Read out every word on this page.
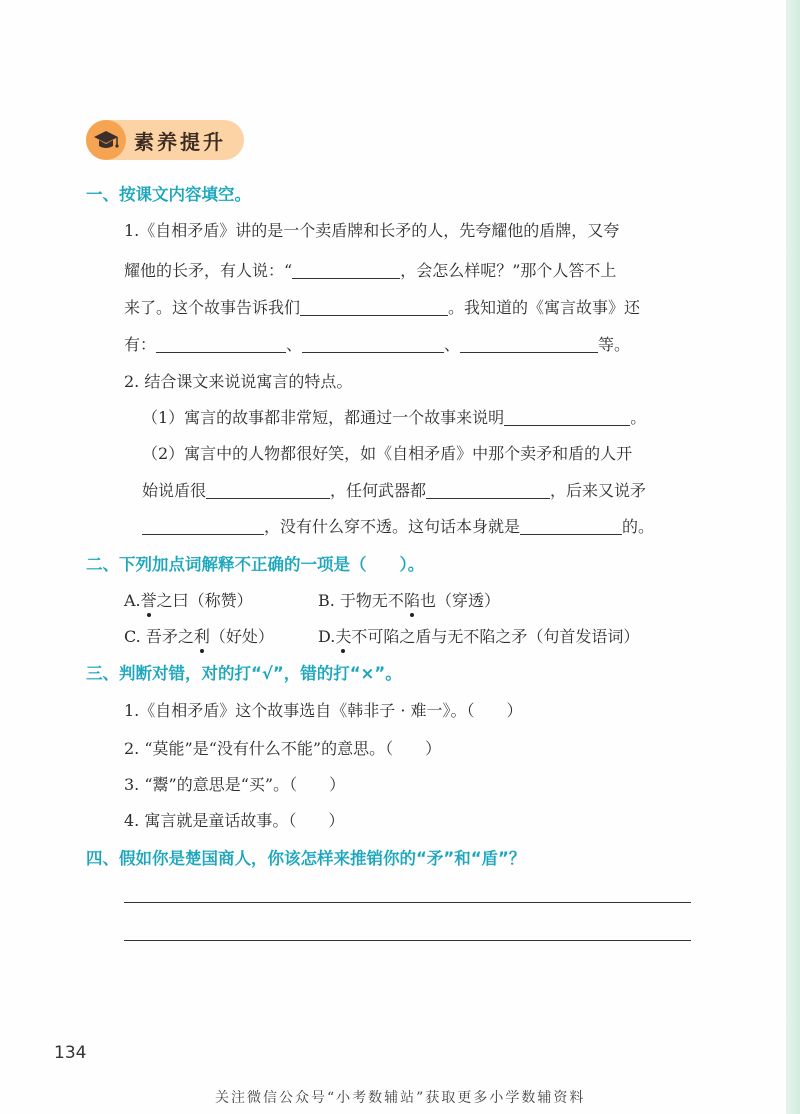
素养提升
一、按课文内容填空。
1.《自相矛盾》讲的是一个卖盾牌和长矛的人，先夸耀他的盾牌，又夸
耀他的长矛，有人说：“	，会怎么样呢？”那个人答不上
来了。这个故事告诉我们	。我知道的《寓言故事》还
有：	、	、	等。
2. 结合课文来说说寓言的特点。
（1）寓言的故事都非常短，都通过一个故事来说明	。
（2）寓言中的人物都很好笑，如《自相矛盾》中那个卖矛和盾的人开
始说盾很	，任何武器都	，后来又说矛
，没有什么穿不透。这句话本身就是	的。
二、下列加点词解释不正确的一项是（　　）。
A.誉之曰（称赞）	B. 于物无不陷也（穿透）
C. 吾矛之利（好处）	D.夫不可陷之盾与无不陷之矛（句首发语词）
三、判断对错，对的打“√”，错的打“×”。
1.《自相矛盾》这个故事选自《韩非子 · 难一》。（　　）
2. “莫能”是“没有什么不能”的意思。（　　）
3. “鬻”的意思是“买”。（　　）
4. 寓言就是童话故事。（　　）
四、假如你是楚国商人，你该怎样来推销你的“矛”和“盾”？
134
关注微信公众号“小考数辅站”获取更多小学数辅资料
